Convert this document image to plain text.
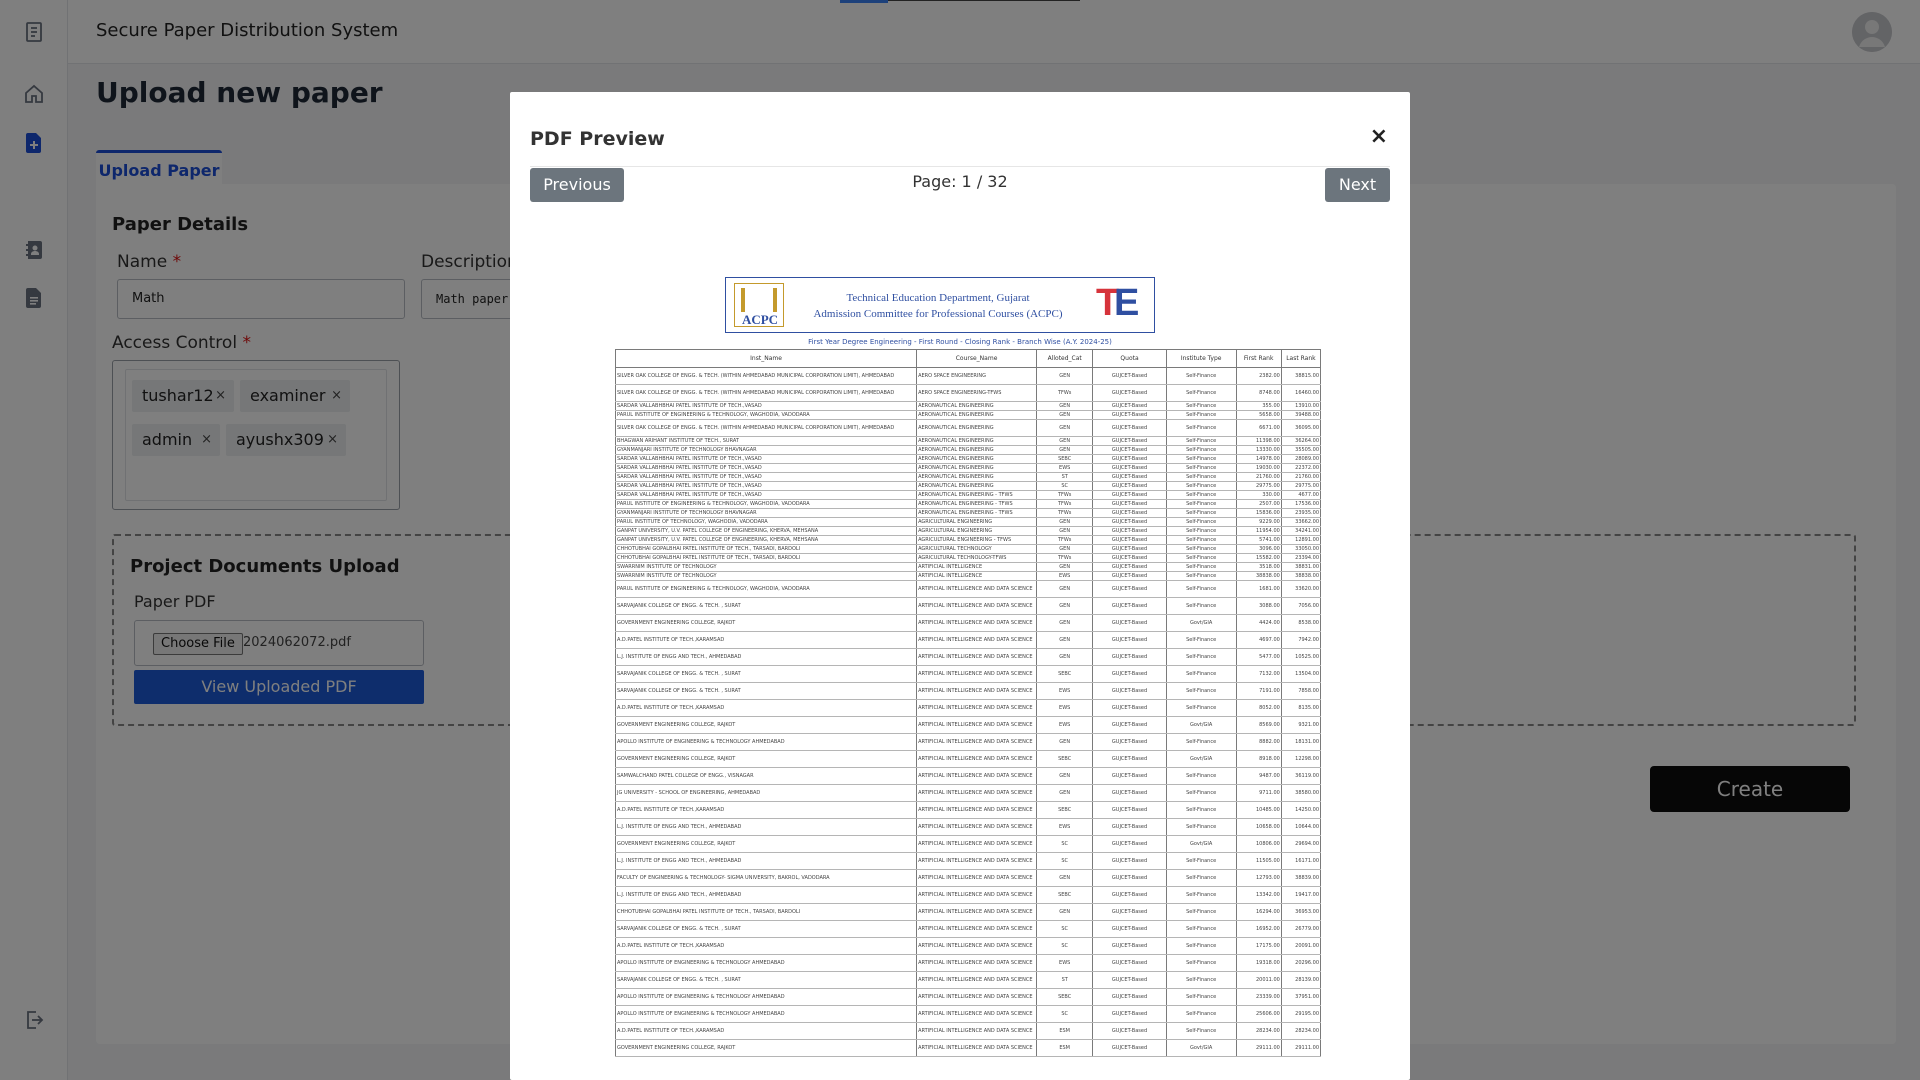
PDF Preview	×
Page: 1 / 32
Previous	Next
ACPC
Technical Education Department, Gujarat
Admission Committee for Professional Courses (ACPC) T
E
First Year Degree Engineering - First Round - Closing Rank - Branch Wise (A.Y. 2024-25)
Inst_Name	Course_Name	Alloted_Cat	Quota	Institute Type	First Rank	Last Rank
SILVER OAK COLLEGE OF ENGG. & TECH. (WITHIN AHMEDABAD MUNICIPAL CORPORATION LIMIT), AHMEDABAD	AERO SPACE ENGINEERING	GEN	GUJCET-Based	Self-Finance	2382.00	38815.00
SILVER OAK COLLEGE OF ENGG. & TECH. (WITHIN AHMEDABAD MUNICIPAL CORPORATION LIMIT), AHMEDABAD	AERO SPACE ENGINEERING-TFWS	TFWs	GUJCET-Based	Self-Finance	8748.00	16460.00
SARDAR VALLABHBHAI PATEL INSTITUTE OF TECH.,VASAD	AERONAUTICAL ENGINEERING	GEN	GUJCET-Based	Self-Finance	355.00	13910.00
PARUL INSTITUTE OF ENGINEERING & TECHNOLOGY, WAGHODIA, VADODARA	AERONAUTICAL ENGINEERING	GEN	GUJCET-Based	Self-Finance	5658.00	39488.00
SILVER OAK COLLEGE OF ENGG. & TECH. (WITHIN AHMEDABAD MUNICIPAL CORPORATION LIMIT), AHMEDABAD	AERONAUTICAL ENGINEERING	GEN	GUJCET-Based	Self-Finance	6671.00	36095.00
BHAGWAN ARIHANT INSTITUTE OF TECH., SURAT	AERONAUTICAL ENGINEERING	GEN	GUJCET-Based	Self-Finance	11398.00	36264.00
GYANMANJARI INSTITUTE OF TECHNOLOGY BHAVNAGAR	AERONAUTICAL ENGINEERING	GEN	GUJCET-Based	Self-Finance	13330.00	35505.00
SARDAR VALLABHBHAI PATEL INSTITUTE OF TECH.,VASAD	AERONAUTICAL ENGINEERING	SEBC	GUJCET-Based	Self-Finance	14978.00	28089.00
SARDAR VALLABHBHAI PATEL INSTITUTE OF TECH.,VASAD	AERONAUTICAL ENGINEERING	EWS	GUJCET-Based	Self-Finance	19030.00	22372.00
SARDAR VALLABHBHAI PATEL INSTITUTE OF TECH.,VASAD	AERONAUTICAL ENGINEERING	ST	GUJCET-Based	Self-Finance	21760.00	21760.00
SARDAR VALLABHBHAI PATEL INSTITUTE OF TECH.,VASAD	AERONAUTICAL ENGINEERING	SC	GUJCET-Based	Self-Finance	29775.00	29775.00
SARDAR VALLABHBHAI PATEL INSTITUTE OF TECH.,VASAD	AERONAUTICAL ENGINEERING - TFWS	TFWs	GUJCET-Based	Self-Finance	330.00	4677.00
PARUL INSTITUTE OF ENGINEERING & TECHNOLOGY, WAGHODIA, VADODARA	AERONAUTICAL ENGINEERING - TFWS	TFWs	GUJCET-Based	Self-Finance	2507.00	17536.00
GYANMANJARI INSTITUTE OF TECHNOLOGY BHAVNAGAR	AERONAUTICAL ENGINEERING - TFWS	TFWs	GUJCET-Based	Self-Finance	15836.00	23935.00
PARUL INSTITUTE OF TECHNOLOGY, WAGHODIA, VADODARA	AGRICULTURAL ENGINEERING	GEN	GUJCET-Based	Self-Finance	9229.00	33662.00
GANPAT UNIVERSITY, U.V. PATEL COLLEGE OF ENGINEERING, KHERVA, MEHSANA	AGRICULTURAL ENGINEERING	GEN	GUJCET-Based	Self-Finance	11954.00	34241.00
GANPAT UNIVERSITY, U.V. PATEL COLLEGE OF ENGINEERING, KHERVA, MEHSANA	AGRICULTURAL ENGINEERING - TFWS	TFWs	GUJCET-Based	Self-Finance	5741.00	12891.00
CHHOTUBHAI GOPALBHAI PATEL INSTITUTE OF TECH., TARSADI, BARDOLI	AGRICULTURAL TECHNOLOGY	GEN	GUJCET-Based	Self-Finance	3096.00	33050.00
CHHOTUBHAI GOPALBHAI PATEL INSTITUTE OF TECH., TARSADI, BARDOLI	AGRICULTURAL TECHNOLOGY-TFWS	TFWs	GUJCET-Based	Self-Finance	15582.00	23394.00
SWARRNIM INSTITUTE OF TECHNOLOGY	ARTIFICIAL INTELLIGENCE	GEN	GUJCET-Based	Self-Finance	3518.00	38831.00
SWARRNIM INSTITUTE OF TECHNOLOGY	ARTIFICIAL INTELLIGENCE	EWS	GUJCET-Based	Self-Finance	38838.00	38838.00
PARUL INSTITUTE OF ENGINEERING & TECHNOLOGY, WAGHODIA, VADODARA	ARTIFICIAL INTELLIGENCE AND DATA SCIENCE	GEN	GUJCET-Based	Self-Finance	1681.00	33620.00
SARVAJANIK COLLEGE OF ENGG. & TECH. , SURAT	ARTIFICIAL INTELLIGENCE AND DATA SCIENCE	GEN	GUJCET-Based	Self-Finance	3088.00	7056.00
GOVERNMENT ENGINEERING COLLEGE, RAJKOT	ARTIFICIAL INTELLIGENCE AND DATA SCIENCE	GEN	GUJCET-Based	Govt/GIA	4424.00	8538.00
A.D.PATEL INSTITUTE OF TECH.,KARAMSAD	ARTIFICIAL INTELLIGENCE AND DATA SCIENCE	GEN	GUJCET-Based	Self-Finance	4697.00	7942.00
L.J. INSTITUTE OF ENGG AND TECH., AHMEDABAD	ARTIFICIAL INTELLIGENCE AND DATA SCIENCE	GEN	GUJCET-Based	Self-Finance	5477.00	10525.00
SARVAJANIK COLLEGE OF ENGG. & TECH. , SURAT	ARTIFICIAL INTELLIGENCE AND DATA SCIENCE	SEBC	GUJCET-Based	Self-Finance	7132.00	13504.00
SARVAJANIK COLLEGE OF ENGG. & TECH. , SURAT	ARTIFICIAL INTELLIGENCE AND DATA SCIENCE	EWS	GUJCET-Based	Self-Finance	7191.00	7858.00
A.D.PATEL INSTITUTE OF TECH.,KARAMSAD	ARTIFICIAL INTELLIGENCE AND DATA SCIENCE	EWS	GUJCET-Based	Self-Finance	8052.00	8135.00
GOVERNMENT ENGINEERING COLLEGE, RAJKOT	ARTIFICIAL INTELLIGENCE AND DATA SCIENCE	EWS	GUJCET-Based	Govt/GIA	8569.00	9321.00
APOLLO INSTITUTE OF ENGINEERING & TECHNOLOGY AHMEDABAD	ARTIFICIAL INTELLIGENCE AND DATA SCIENCE	GEN	GUJCET-Based	Self-Finance	8882.00	18131.00
GOVERNMENT ENGINEERING COLLEGE, RAJKOT	ARTIFICIAL INTELLIGENCE AND DATA SCIENCE	SEBC	GUJCET-Based	Govt/GIA	8918.00	12298.00
SAMWALCHAND PATEL COLLEGE OF ENGG., VISNAGAR	ARTIFICIAL INTELLIGENCE AND DATA SCIENCE	GEN	GUJCET-Based	Self-Finance	9487.00	36119.00
JG UNIVERSITY - SCHOOL OF ENGINEERING, AHMEDABAD	ARTIFICIAL INTELLIGENCE AND DATA SCIENCE	GEN	GUJCET-Based	Self-Finance	9711.00	38580.00
A.D.PATEL INSTITUTE OF TECH.,KARAMSAD	ARTIFICIAL INTELLIGENCE AND DATA SCIENCE	SEBC	GUJCET-Based	Self-Finance	10485.00	14250.00
L.J. INSTITUTE OF ENGG AND TECH., AHMEDABAD	ARTIFICIAL INTELLIGENCE AND DATA SCIENCE	EWS	GUJCET-Based	Self-Finance	10658.00	10644.00
GOVERNMENT ENGINEERING COLLEGE, RAJKOT	ARTIFICIAL INTELLIGENCE AND DATA SCIENCE	SC	GUJCET-Based	Govt/GIA	10806.00	29694.00
L.J. INSTITUTE OF ENGG AND TECH., AHMEDABAD	ARTIFICIAL INTELLIGENCE AND DATA SCIENCE	SC	GUJCET-Based	Self-Finance	11505.00	16171.00
FACULTY OF ENGINEERING & TECHNOLOGY- SIGMA UNIVERSITY, BAKROL, VADODARA	ARTIFICIAL INTELLIGENCE AND DATA SCIENCE	GEN	GUJCET-Based	Self-Finance	12793.00	38839.00
L.J. INSTITUTE OF ENGG AND TECH., AHMEDABAD	ARTIFICIAL INTELLIGENCE AND DATA SCIENCE	SEBC	GUJCET-Based	Self-Finance	13342.00	19417.00
CHHOTUBHAI GOPALBHAI PATEL INSTITUTE OF TECH., TARSADI, BARDOLI	ARTIFICIAL INTELLIGENCE AND DATA SCIENCE	GEN	GUJCET-Based	Self-Finance	16294.00	36953.00
SARVAJANIK COLLEGE OF ENGG. & TECH. , SURAT	ARTIFICIAL INTELLIGENCE AND DATA SCIENCE	SC	GUJCET-Based	Self-Finance	16952.00	26779.00
A.D.PATEL INSTITUTE OF TECH.,KARAMSAD	ARTIFICIAL INTELLIGENCE AND DATA SCIENCE	SC	GUJCET-Based	Self-Finance	17175.00	20091.00
APOLLO INSTITUTE OF ENGINEERING & TECHNOLOGY AHMEDABAD	ARTIFICIAL INTELLIGENCE AND DATA SCIENCE	EWS	GUJCET-Based	Self-Finance	19318.00	20296.00
SARVAJANIK COLLEGE OF ENGG. & TECH. , SURAT	ARTIFICIAL INTELLIGENCE AND DATA SCIENCE	ST	GUJCET-Based	Self-Finance	20011.00	28139.00
APOLLO INSTITUTE OF ENGINEERING & TECHNOLOGY AHMEDABAD	ARTIFICIAL INTELLIGENCE AND DATA SCIENCE	SEBC	GUJCET-Based	Self-Finance	23339.00	37951.00
APOLLO INSTITUTE OF ENGINEERING & TECHNOLOGY AHMEDABAD	ARTIFICIAL INTELLIGENCE AND DATA SCIENCE	SC	GUJCET-Based	Self-Finance	25606.00	29195.00
A.D.PATEL INSTITUTE OF TECH.,KARAMSAD	ARTIFICIAL INTELLIGENCE AND DATA SCIENCE	ESM	GUJCET-Based	Self-Finance	28234.00	28234.00
GOVERNMENT ENGINEERING COLLEGE, RAJKOT	ARTIFICIAL INTELLIGENCE AND DATA SCIENCE	ESM	GUJCET-Based	Govt/GIA	29111.00	29111.00
